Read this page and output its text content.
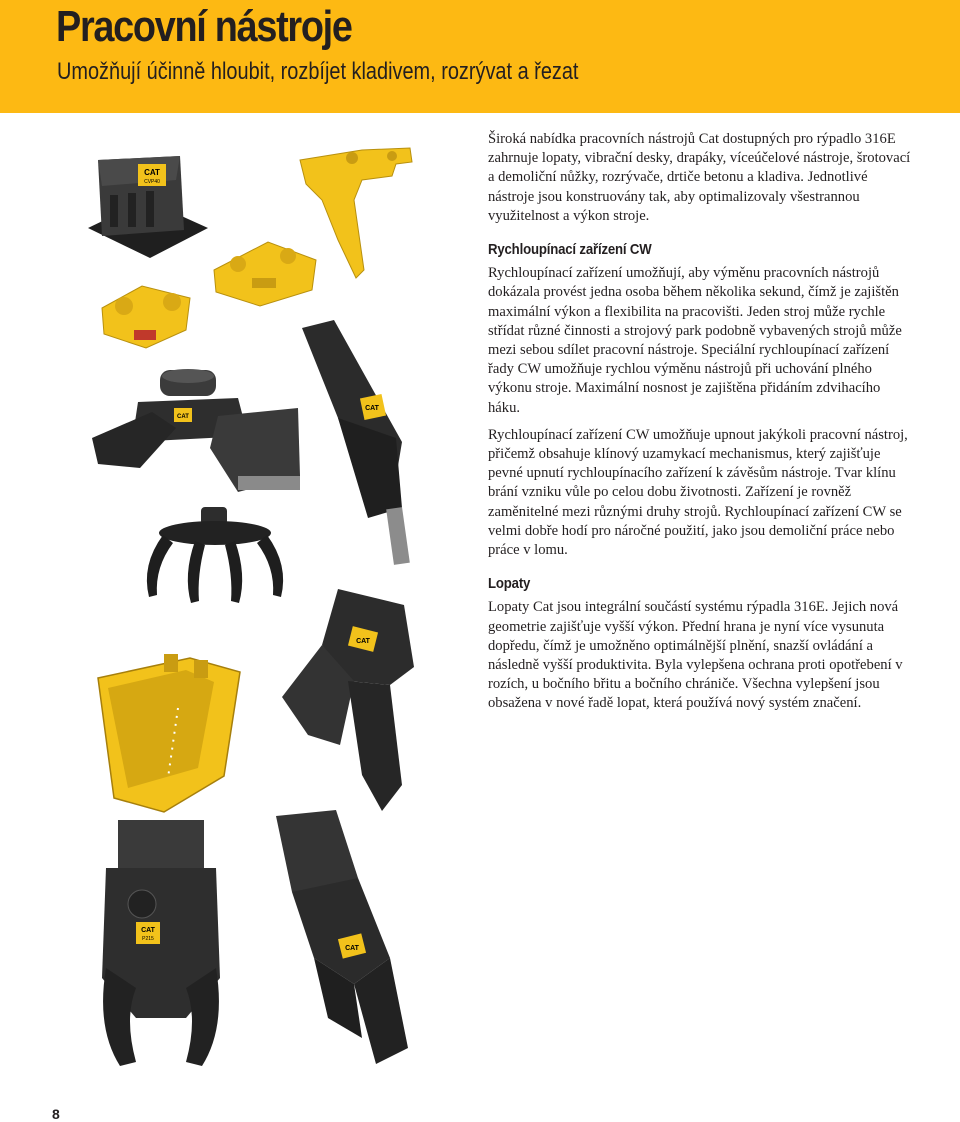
Pracovní nástroje
Umožňují účinně hloubit, rozbíjet kladivem, rozrývat a řezat
CAT
CVP40
CAT
CAT
CAT
CAT
P215
CAT

Široká nabídka pracovních nástrojů Cat dostupných pro rýpadlo 316E zahrnuje lopaty, vibrační desky, drapáky, víceúčelové nástroje, šrotovací a demoliční nůžky, rozrývače, drtiče betonu a kladiva. Jednotlivé nástroje jsou konstruovány tak, aby optimalizovaly všestrannou využitelnost a výkon stroje.

Rychloupínací zařízení CW

Rychloupínací zařízení umožňují, aby výměnu pracovních nástrojů dokázala provést jedna osoba během několika sekund, čímž je zajištěn maximální výkon a flexibilita na pracovišti. Jeden stroj může rychle střídat různé činnosti a strojový park podobně vybavených strojů může mezi sebou sdílet pracovní nástroje. Speciální rychloupínací zařízení řady CW umožňuje rychlou výměnu nástrojů při uchování plného výkonu stroje. Maximální nosnost je zajištěna přidáním zdvihacího háku.

Rychloupínací zařízení CW umožňuje upnout jakýkoli pracovní nástroj, přičemž obsahuje klínový uzamykací mechanismus, který zajišťuje pevné upnutí rychloupínacího zařízení k závěsům nástroje. Tvar klínu brání vzniku vůle po celou dobu životnosti. Zařízení je rovněž zaměnitelné mezi různými druhy strojů. Rychloupínací zařízení CW se velmi dobře hodí pro náročné použití, jako jsou demoliční práce nebo práce v lomu.

Lopaty

Lopaty Cat jsou integrální součástí systému rýpadla 316E. Jejich nová geometrie zajišťuje vyšší výkon. Přední hrana je nyní více vysunuta dopředu, čímž je umožněno optimálnější plnění, snazší ovládání a následně vyšší produktivita. Byla vylepšena ochrana proti opotřebení v rozích, u bočního břitu a bočního chrániče. Všechna vylepšení jsou obsažena v nové řadě lopat, která používá nový systém značení.

8
